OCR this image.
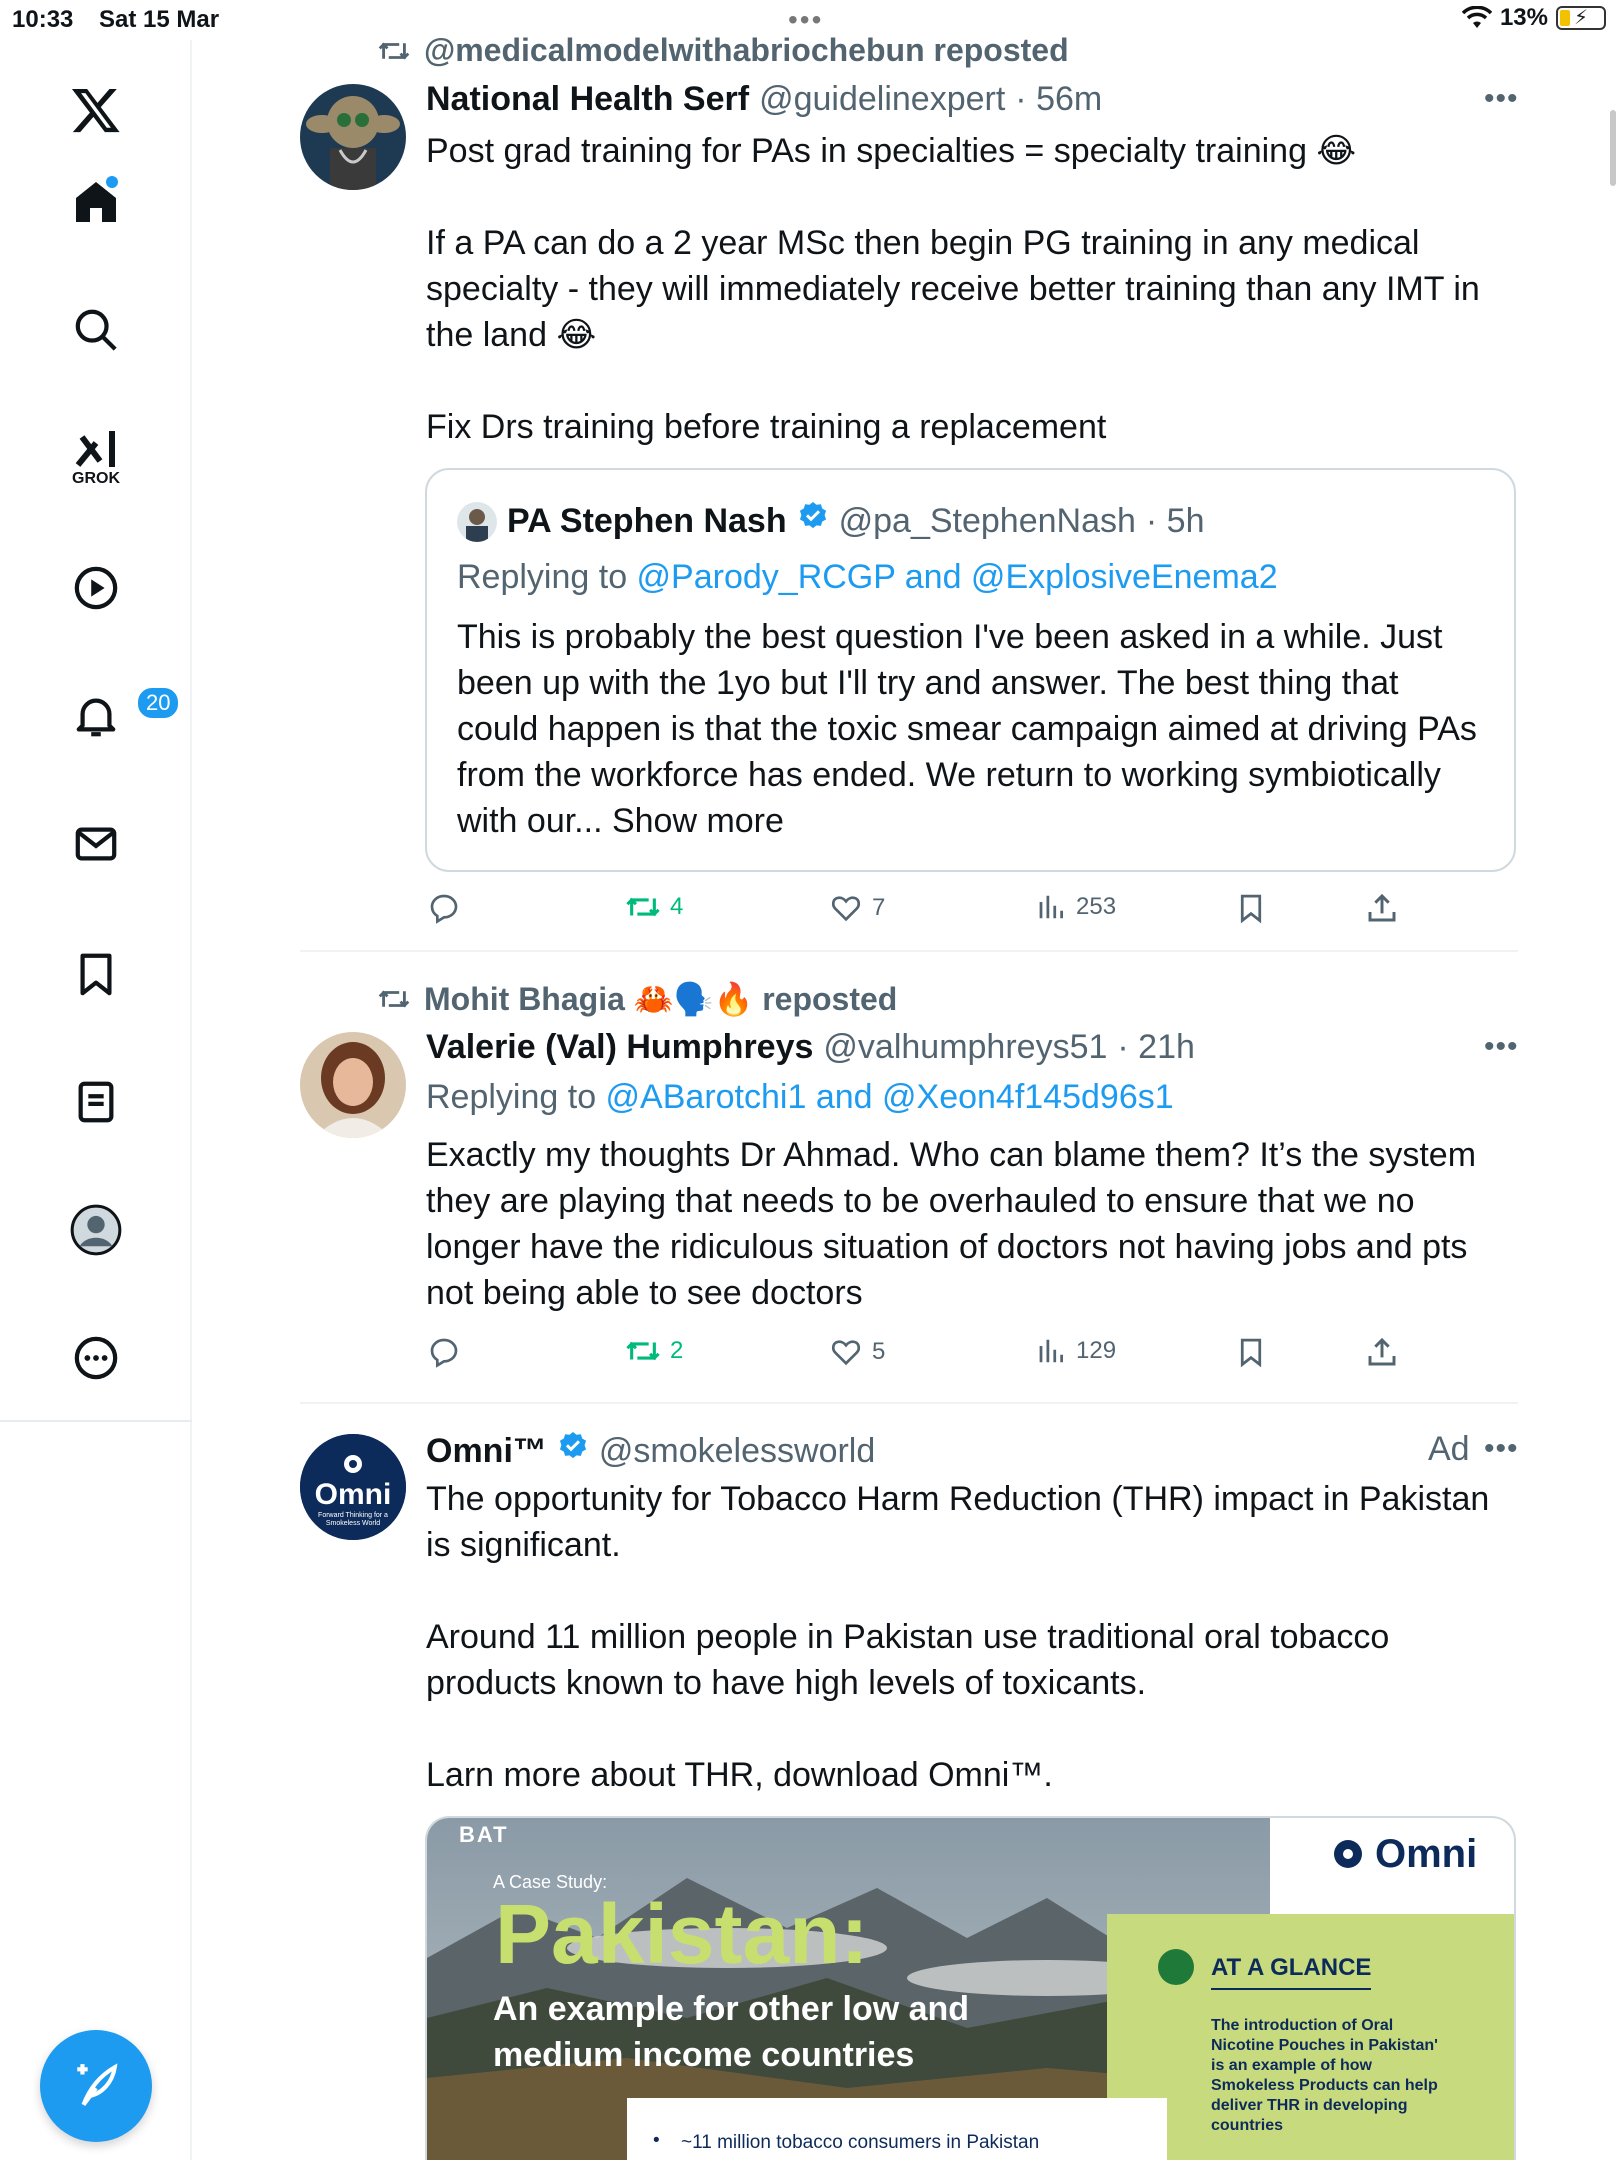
10:33 Sat 15 Mar	•••	13% ⚡
GROK
20
@medicalmodelwithabriochebun reposted
National Health Serf @guidelinexpert · 56m	•••
Post grad training for PAs in specialties = specialty training 😂

If a PA can do a 2 year MSc then begin PG training in any medical
specialty - they will immediately receive better training than any IMT in
the land 😂

Fix Drs training before training a replacement
PA Stephen Nash @pa_StephenNash · 5h
Replying to @Parody_RCGP and @ExplosiveEnema2
This is probably the best question I've been asked in a while. Just
been up with the 1yo but I'll try and answer. The best thing that
could happen is that the toxic smear campaign aimed at driving PAs
from the workforce has ended. We return to working symbiotically
with our... Show more
4	7	253
Mohit Bhagia 🦀🗣️🔥 reposted
Valerie (Val) Humphreys @valhumphreys51 · 21h	•••
Replying to @ABarotchi1 and @Xeon4f145d96s1
Exactly my thoughts Dr Ahmad. Who can blame them? It’s the system
they are playing that needs to be overhauled to ensure that we no
longer have the ridiculous situation of doctors not having jobs and pts
not being able to see doctors
2	5	129
Omni
Forward Thinking for a Smokeless World
Omni™ @smokelessworld	Ad •••
The opportunity for Tobacco Harm Reduction (THR) impact in Pakistan
is significant.

Around 11 million people in Pakistan use traditional oral tobacco
products known to have high levels of toxicants.

Larn more about THR, download Omni™.
BAT
A Case Study:
Pakistan:
An example for other low and medium income countries
Omni
AT A GLANCE
The introduction of Oral Nicotine Pouches in Pakistan' is an example of how Smokeless Products can help deliver THR in developing countries
• ~11 million tobacco consumers in Pakistan
